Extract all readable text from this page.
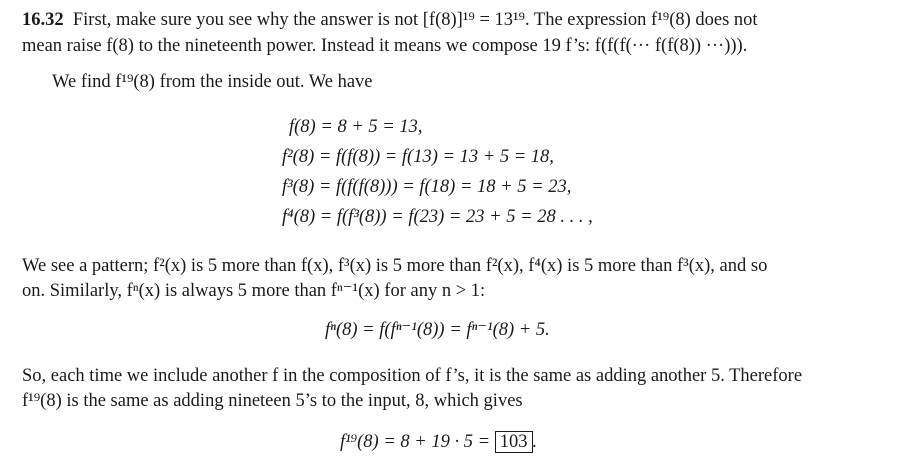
16.32 First, make sure you see why the answer is not [f(8)]¹⁹ = 13¹⁹. The expression f¹⁹(8) does not
mean raise f(8) to the nineteenth power. Instead it means we compose 19 f’s: f(f(f(··· f(f(8)) ···))).
We find f¹⁹(8) from the inside out. We have
f(8) = 8 + 5 = 13,
f²(8) = f(f(8)) = f(13) = 13 + 5 = 18,
f³(8) = f(f(f(8))) = f(18) = 18 + 5 = 23,
f⁴(8) = f(f³(8)) = f(23) = 23 + 5 = 28 . . . ,
We see a pattern; f²(x) is 5 more than f(x), f³(x) is 5 more than f²(x), f⁴(x) is 5 more than f³(x), and so
on. Similarly, fⁿ(x) is always 5 more than fⁿ⁻¹(x) for any n > 1:
fⁿ(8) = f(fⁿ⁻¹(8)) = fⁿ⁻¹(8) + 5.
So, each time we include another f in the composition of f’s, it is the same as adding another 5. Therefore
f¹⁹(8) is the same as adding nineteen 5’s to the input, 8, which gives
f¹⁹(8) = 8 + 19 · 5 = 103 .
